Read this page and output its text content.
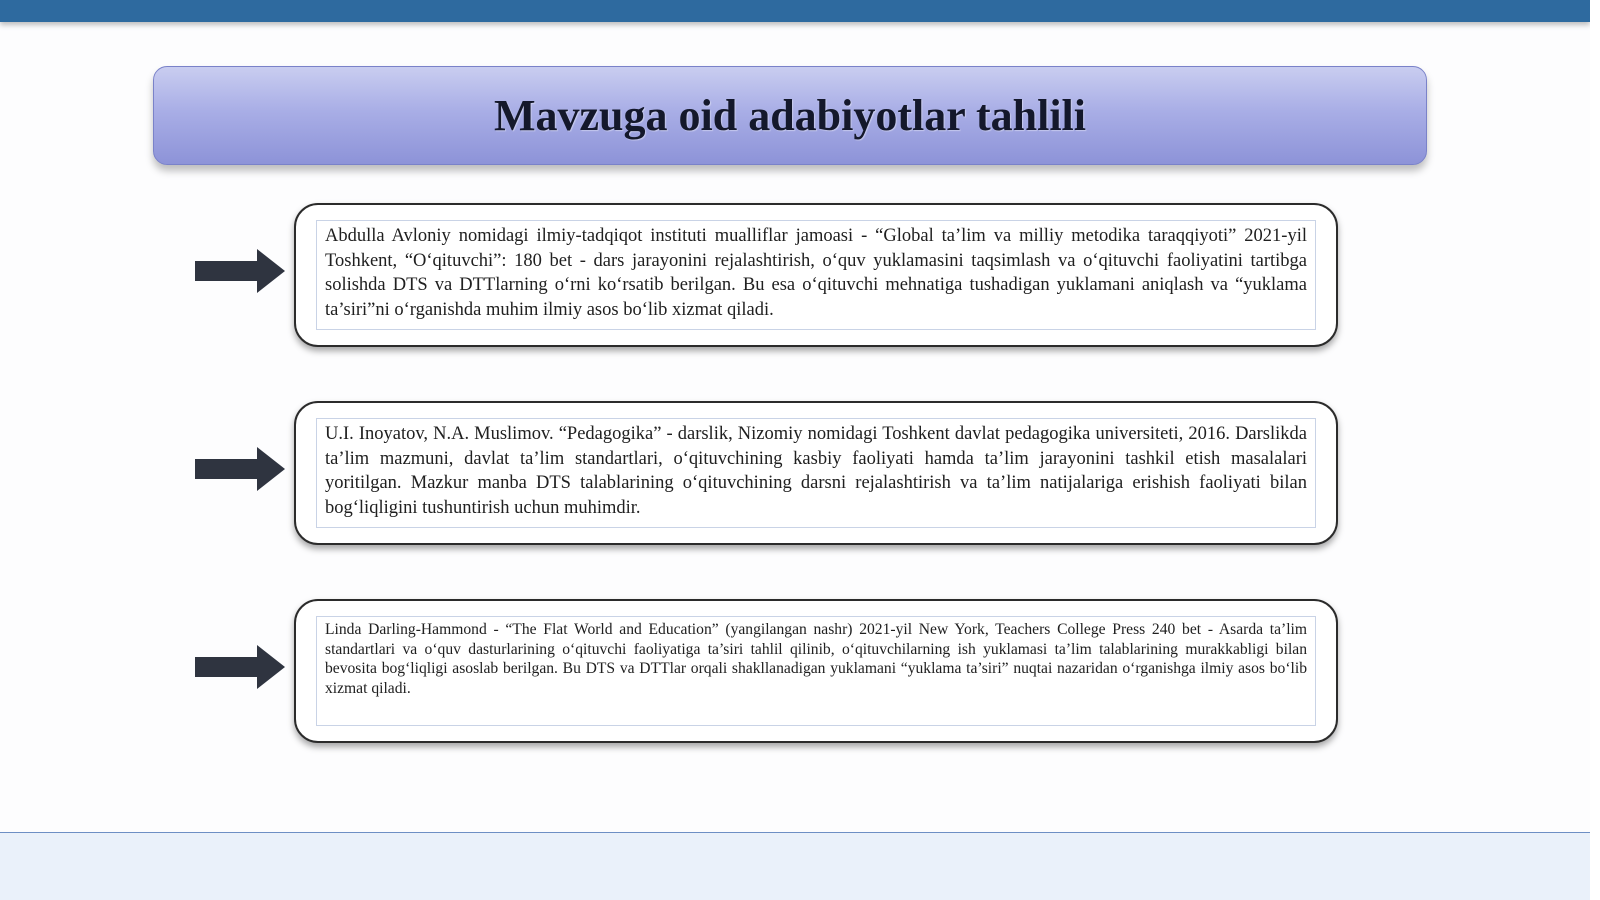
Mavzuga oid adabiyotlar tahlili

Abdulla Avloniy nomidagi ilmiy-tadqiqot instituti mualliflar jamoasi - “Global ta’lim va milliy metodika taraqqiyoti” 2021-yil Toshkent, “O‘qituvchi”: 180 bet - dars jarayonini rejalashtirish, o‘quv yuklamasini taqsimlash va o‘qituvchi faoliyatini tartibga solishda DTS va DTTlarning o‘rni ko‘rsatib berilgan. Bu esa o‘qituvchi mehnatiga tushadigan yuklamani aniqlash va “yuklama ta’siri”ni o‘rganishda muhim ilmiy asos bo‘lib xizmat qiladi.

U.I. Inoyatov, N.A. Muslimov. “Pedagogika” - darslik, Nizomiy nomidagi Toshkent davlat pedagogika universiteti, 2016. Darslikda ta’lim mazmuni, davlat ta’lim standartlari, o‘qituvchining kasbiy faoliyati hamda ta’lim jarayonini tashkil etish masalalari yoritilgan. Mazkur manba DTS talablarining o‘qituvchining darsni rejalashtirish va ta’lim natijalariga erishish faoliyati bilan bog‘liqligini tushuntirish uchun muhimdir.

Linda Darling-Hammond - “The Flat World and Education” (yangilangan nashr) 2021-yil New York, Teachers College Press 240 bet - Asarda ta’lim standartlari va o‘quv dasturlarining o‘qituvchi faoliyatiga ta’siri tahlil qilinib, o‘qituvchilarning ish yuklamasi ta’lim talablarining murakkabligi bilan bevosita bog‘liqligi asoslab berilgan. Bu DTS va DTTlar orqali shakllanadigan yuklamani “yuklama ta’siri” nuqtai nazaridan o‘rganishga ilmiy asos bo‘lib xizmat qiladi.
